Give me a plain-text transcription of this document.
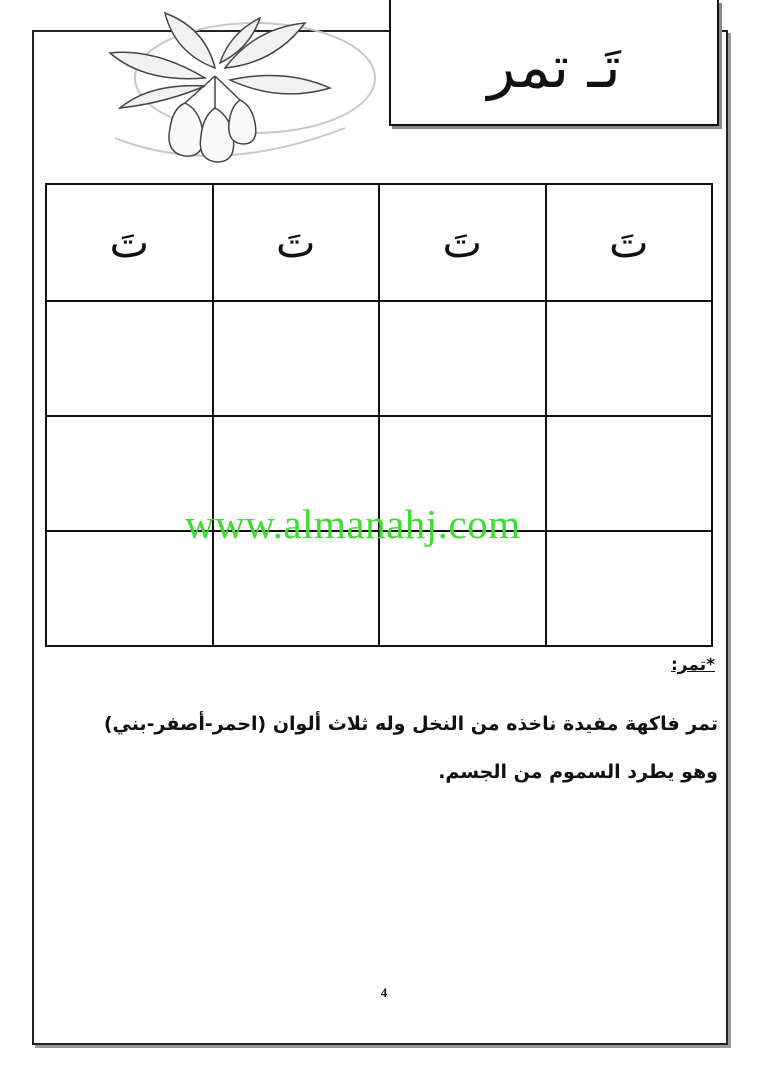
تَـ تمر
تَ	تَ	تَ	تَ

www.almanahj.com
*تمر:
تمر فاكهة مفيدة ناخذه من النخل وله ثلاث ألوان (احمر-أصفر-بني)
وهو يطرد السموم من الجسم.
4
